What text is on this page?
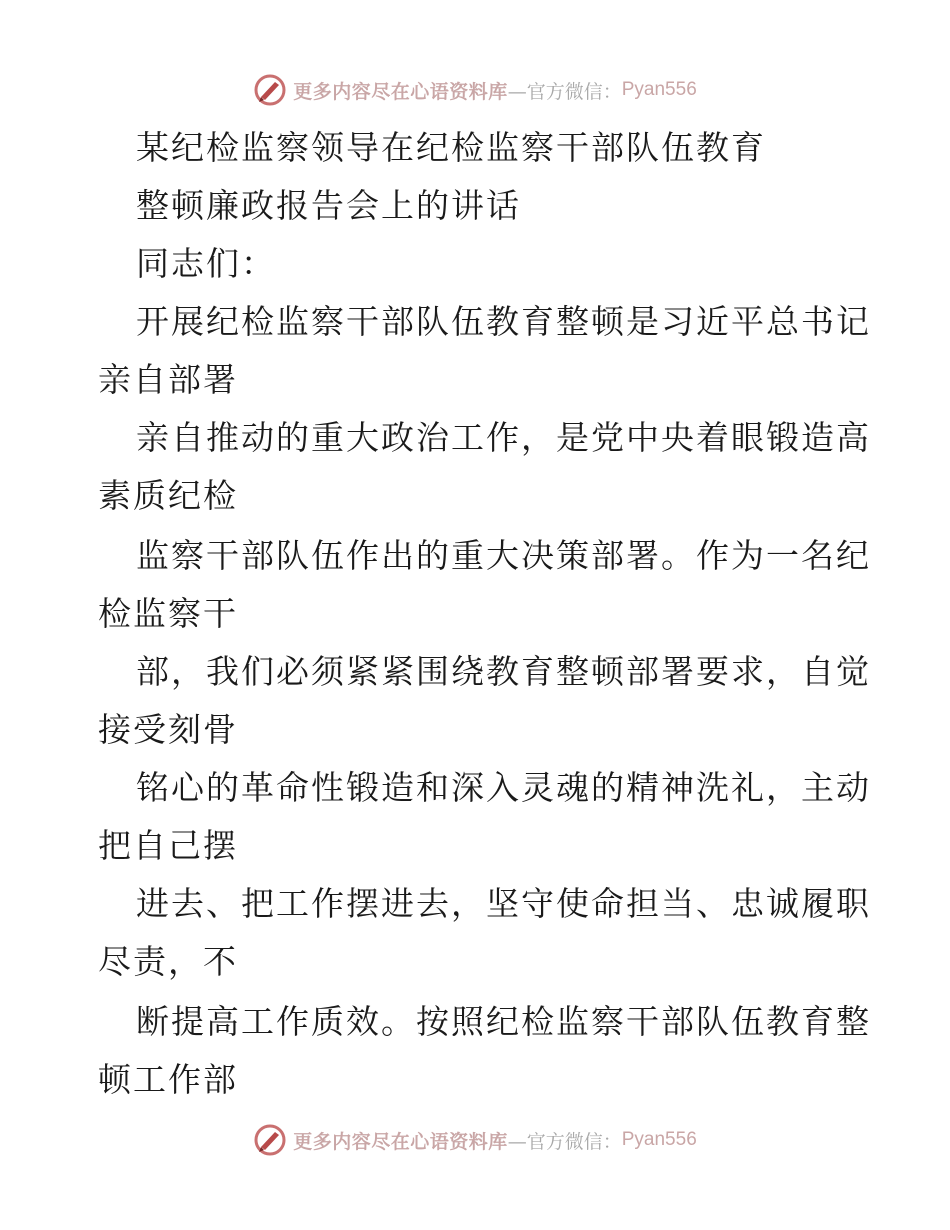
更多内容尽在心语资料库 —官方微信： Pyan556
某纪检监察领导在纪检监察干部队伍教育
整顿廉政报告会上的讲话
同志们：
开展纪检监察干部队伍教育整顿是习近平总书记
亲自部署
亲自推动的重大政治工作，是党中央着眼锻造高
素质纪检
监察干部队伍作出的重大决策部署。作为一名纪
检监察干
部，我们必须紧紧围绕教育整顿部署要求，自觉
接受刻骨
铭心的革命性锻造和深入灵魂的精神洗礼，主动
把自己摆
进去、把工作摆进去，坚守使命担当、忠诚履职
尽责，不
断提高工作质效。按照纪检监察干部队伍教育整
顿工作部
更多内容尽在心语资料库 —官方微信： Pyan556
